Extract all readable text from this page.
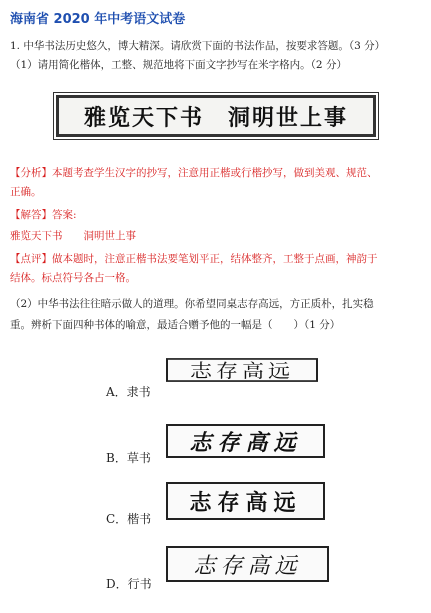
海南省 2020 年中考语文试卷
1. 中华书法历史悠久，博大精深。请欣赏下面的书法作品，按要求答题。（3 分）
（1）请用简化楷体，工整、规范地将下面文字抄写在米字格内。（2 分）
雅览天下书　洞明世上事
【分析】本题考查学生汉字的抄写，注意用正楷或行楷抄写，做到美观、规范、
正确。
【解答】答案:
雅览天下书　　洞明世上事
【点评】做本题时，注意正楷书法要笔划平正，结体整齐，工整于点画，神韵于
结体。标点符号各占一格。
（2）中华书法往往暗示做人的道理。你希望同桌志存高远，方正质朴，扎实稳
重。辨析下面四种书体的喻意，最适合赠予他的一幅是（　　）（1 分）
A．隶书
志存高远
B．草书
志存高远
C．楷书
志存高远
D．行书
志存高远
